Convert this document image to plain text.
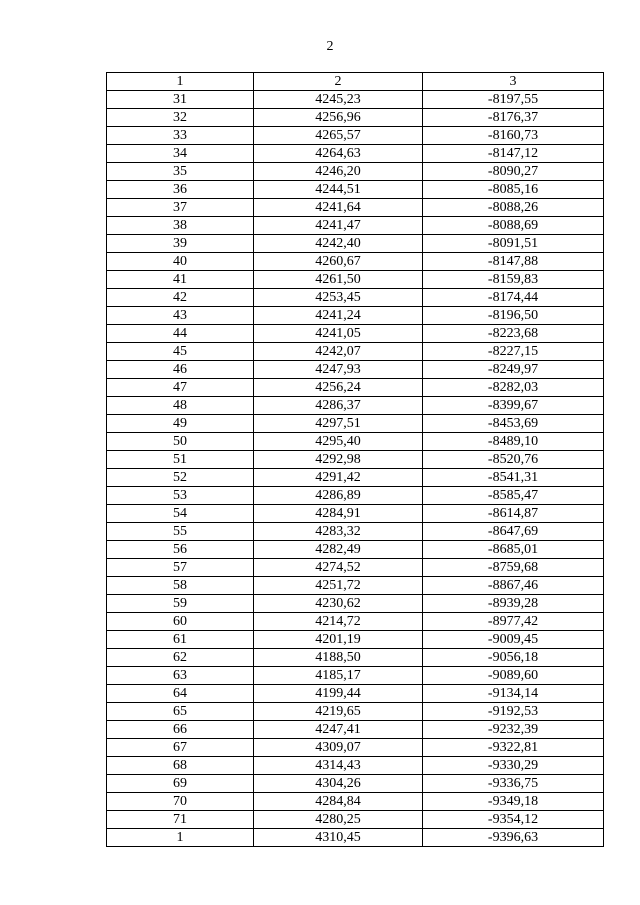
2
1	2	3
31	4245,23	-8197,55
32	4256,96	-8176,37
33	4265,57	-8160,73
34	4264,63	-8147,12
35	4246,20	-8090,27
36	4244,51	-8085,16
37	4241,64	-8088,26
38	4241,47	-8088,69
39	4242,40	-8091,51
40	4260,67	-8147,88
41	4261,50	-8159,83
42	4253,45	-8174,44
43	4241,24	-8196,50
44	4241,05	-8223,68
45	4242,07	-8227,15
46	4247,93	-8249,97
47	4256,24	-8282,03
48	4286,37	-8399,67
49	4297,51	-8453,69
50	4295,40	-8489,10
51	4292,98	-8520,76
52	4291,42	-8541,31
53	4286,89	-8585,47
54	4284,91	-8614,87
55	4283,32	-8647,69
56	4282,49	-8685,01
57	4274,52	-8759,68
58	4251,72	-8867,46
59	4230,62	-8939,28
60	4214,72	-8977,42
61	4201,19	-9009,45
62	4188,50	-9056,18
63	4185,17	-9089,60
64	4199,44	-9134,14
65	4219,65	-9192,53
66	4247,41	-9232,39
67	4309,07	-9322,81
68	4314,43	-9330,29
69	4304,26	-9336,75
70	4284,84	-9349,18
71	4280,25	-9354,12
1	4310,45	-9396,63
